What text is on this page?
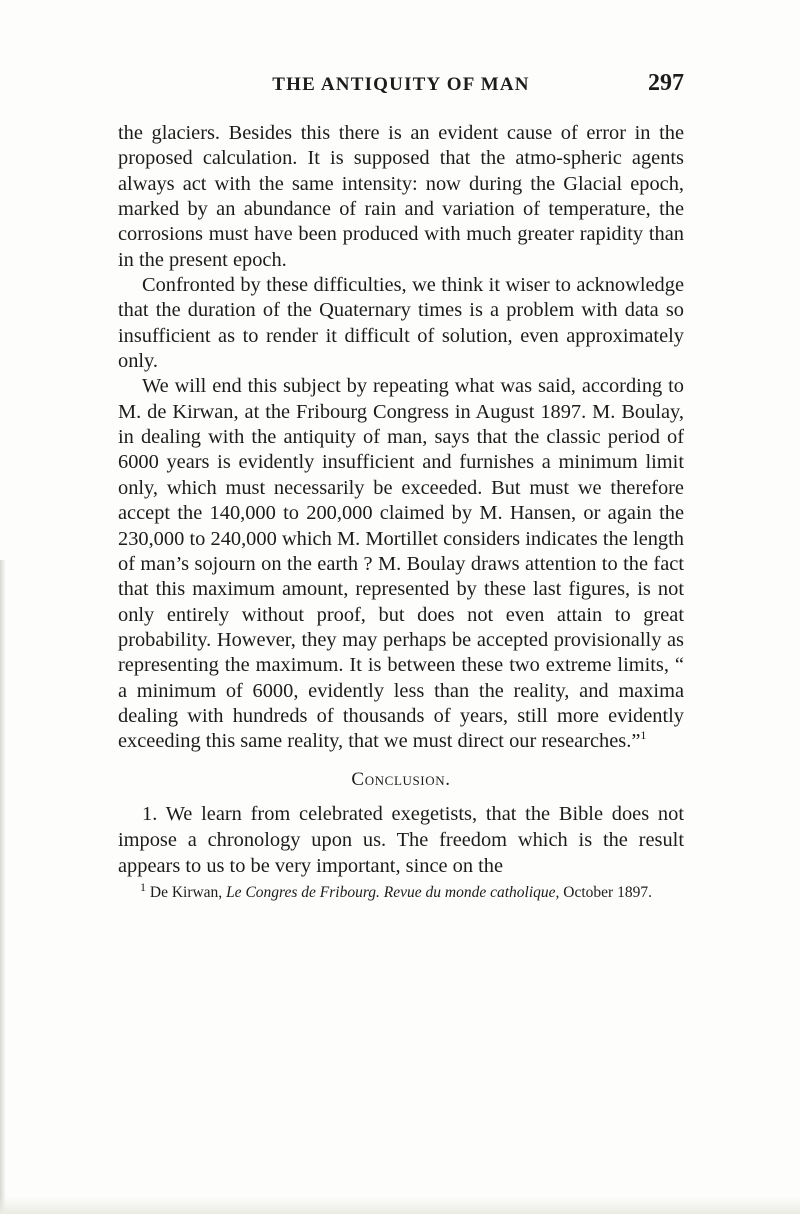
THE ANTIQUITY OF MAN	297

the glaciers. Besides this there is an evident cause of error in the proposed calculation. It is supposed that the atmo-spheric agents always act with the same intensity: now during the Glacial epoch, marked by an abundance of rain and variation of temperature, the corrosions must have been produced with much greater rapidity than in the present epoch.

Confronted by these difficulties, we think it wiser to acknowledge that the duration of the Quaternary times is a problem with data so insufficient as to render it difficult of solution, even approximately only.

We will end this subject by repeating what was said, according to M. de Kirwan, at the Fribourg Congress in August 1897. M. Boulay, in dealing with the antiquity of man, says that the classic period of 6000 years is evidently insufficient and furnishes a minimum limit only, which must necessarily be exceeded. But must we therefore accept the 140,000 to 200,000 claimed by M. Hansen, or again the 230,000 to 240,000 which M. Mortillet considers indicates the length of man’s sojourn on the earth ? M. Boulay draws attention to the fact that this maximum amount, represented by these last figures, is not only entirely without proof, but does not even attain to great probability. However, they may perhaps be accepted provisionally as representing the maximum. It is between these two extreme limits, “ a minimum of 6000, evidently less than the reality, and maxima dealing with hundreds of thousands of years, still more evidently exceeding this same reality, that we must direct our researches.”$^1$

Conclusion.

1. We learn from celebrated exegetists, that the Bible does not impose a chronology upon us. The freedom which is the result appears to us to be very important, since on the

$^1$ De Kirwan, Le Congres de Fribourg. Revue du monde catholique, October 1897.
